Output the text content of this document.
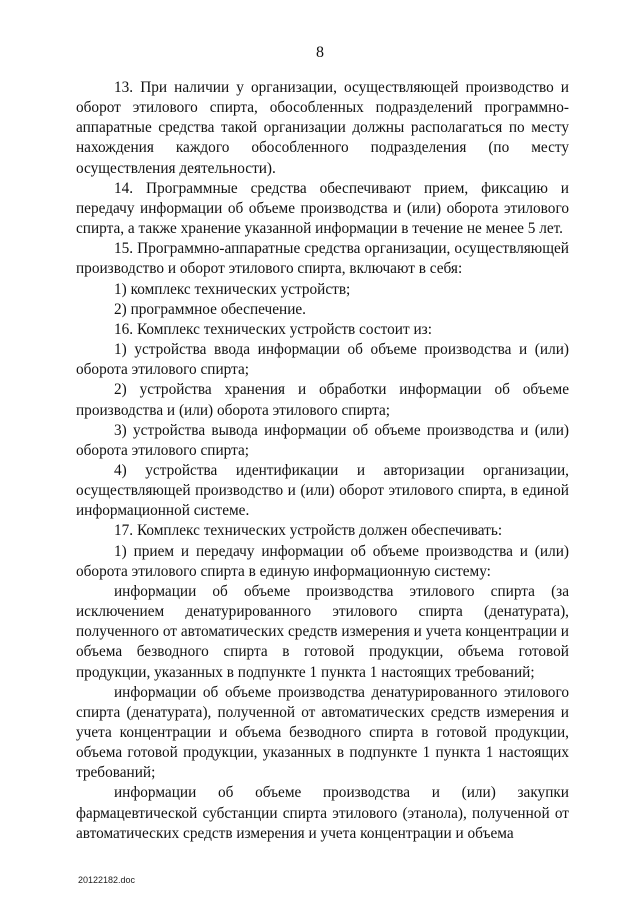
8

13. При наличии у организации, осуществляющей производство и оборот этилового спирта, обособленных подразделений программно-аппаратные средства такой организации должны располагаться по месту нахождения каждого обособленного подразделения (по месту осуществления деятельности).

14. Программные средства обеспечивают прием, фиксацию и передачу информации об объеме производства и (или) оборота этилового спирта, а также хранение указанной информации в течение не менее 5 лет.

15. Программно-аппаратные средства организации, осуществляющей производство и оборот этилового спирта, включают в себя:

1) комплекс технических устройств;

2) программное обеспечение.

16. Комплекс технических устройств состоит из:

1) устройства ввода информации об объеме производства и (или) оборота этилового спирта;

2) устройства хранения и обработки информации об объеме производства и (или) оборота этилового спирта;

3) устройства вывода информации об объеме производства и (или) оборота этилового спирта;

4) устройства идентификации и авторизации организации, осуществляющей производство и (или) оборот этилового спирта, в единой информационной системе.

17. Комплекс технических устройств должен обеспечивать:

1) прием и передачу информации об объеме производства и (или) оборота этилового спирта в единую информационную систему:

информации об объеме производства этилового спирта (за исключением денатурированного этилового спирта (денатурата), полученного от автоматических средств измерения и учета концентрации и объема безводного спирта в готовой продукции, объема готовой продукции, указанных в подпункте 1 пункта 1 настоящих требований;

информации об объеме производства денатурированного этилового спирта (денатурата), полученной от автоматических средств измерения и учета концентрации и объема безводного спирта в готовой продукции, объема готовой продукции, указанных в подпункте 1 пункта 1 настоящих требований;

информации об объеме производства и (или) закупки фармацевтической субстанции спирта этилового (этанола), полученной от автоматических средств измерения и учета концентрации и объема

20122182.doc
